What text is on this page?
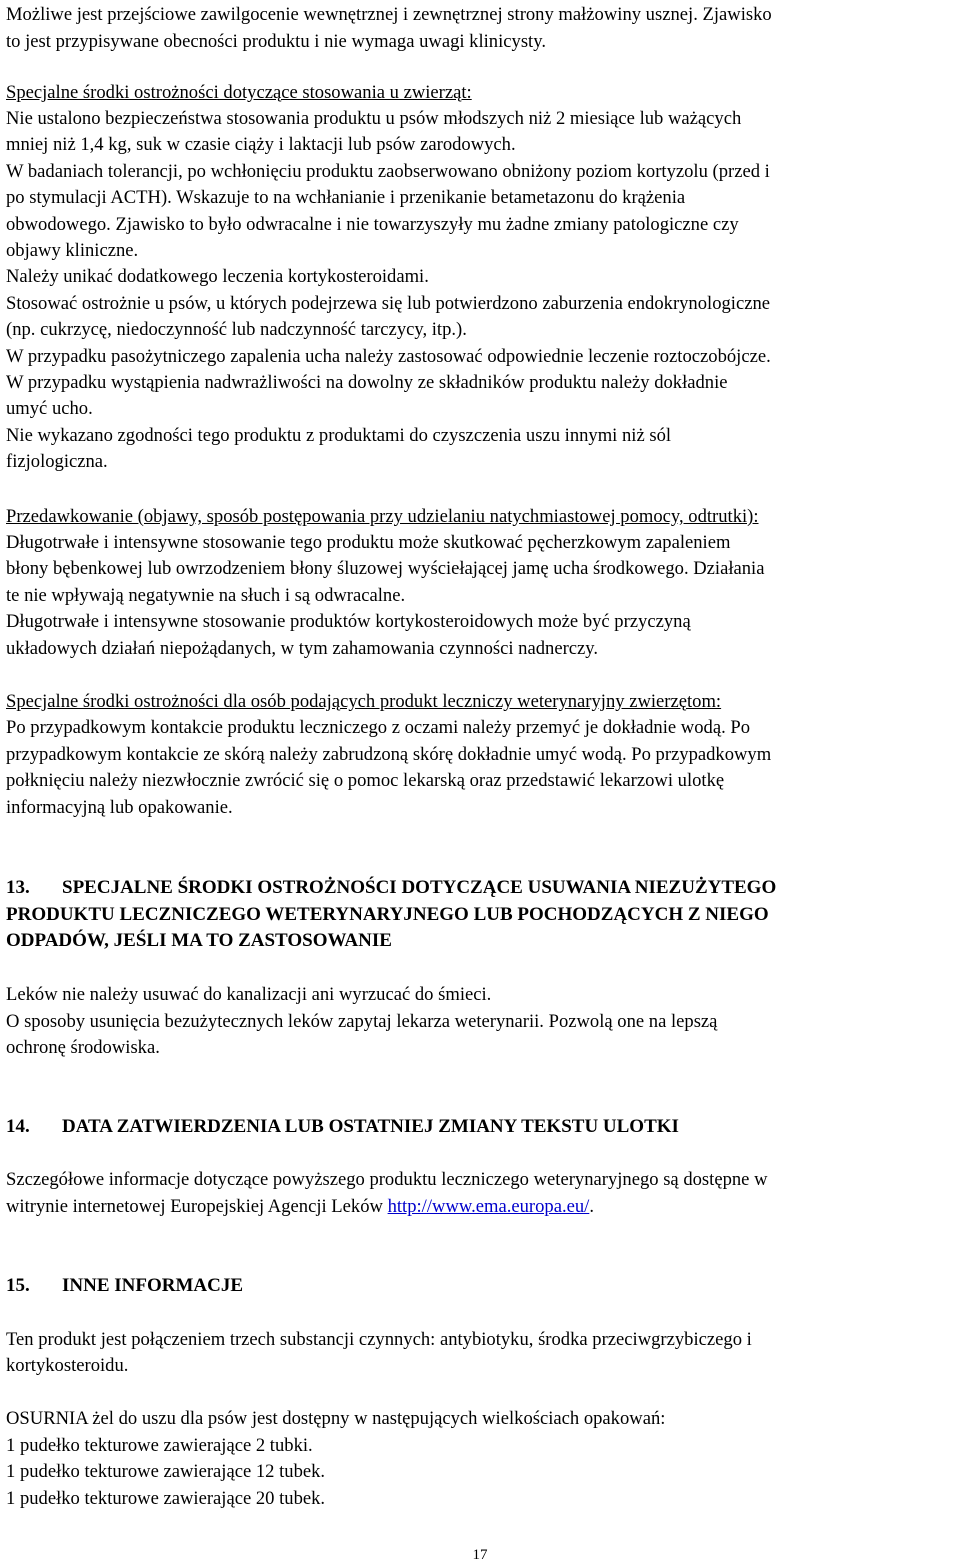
Możliwe jest przejściowe zawilgocenie wewnętrznej i zewnętrznej strony małżowiny usznej. Zjawisko
to jest przypisywane obecności produktu i nie wymaga uwagi klinicysty.
Specjalne środki ostrożności dotyczące stosowania u zwierząt:
Nie ustalono bezpieczeństwa stosowania produktu u psów młodszych niż 2 miesiące lub ważących
mniej niż 1,4 kg, suk w czasie ciąży i laktacji lub psów zarodowych.
W badaniach tolerancji, po wchłonięciu produktu zaobserwowano obniżony poziom kortyzolu (przed i
po stymulacji ACTH). Wskazuje to na wchłanianie i przenikanie betametazonu do krążenia
obwodowego. Zjawisko to było odwracalne i nie towarzyszyły mu żadne zmiany patologiczne czy
objawy kliniczne.
Należy unikać dodatkowego leczenia kortykosteroidami.
Stosować ostrożnie u psów, u których podejrzewa się lub potwierdzono zaburzenia endokrynologiczne
(np. cukrzycę, niedoczynność lub nadczynność tarczycy, itp.).
W przypadku pasożytniczego zapalenia ucha należy zastosować odpowiednie leczenie roztoczobójcze.
W przypadku wystąpienia nadwrażliwości na dowolny ze składników produktu należy dokładnie
umyć ucho.
Nie wykazano zgodności tego produktu z produktami do czyszczenia uszu innymi niż sól
fizjologiczna.
Przedawkowanie (objawy, sposób postępowania przy udzielaniu natychmiastowej pomocy, odtrutki):
Długotrwałe i intensywne stosowanie tego produktu może skutkować pęcherzkowym zapaleniem
błony bębenkowej lub owrzodzeniem błony śluzowej wyściełającej jamę ucha środkowego. Działania
te nie wpływają negatywnie na słuch i są odwracalne.
Długotrwałe i intensywne stosowanie produktów kortykosteroidowych może być przyczyną
układowych działań niepożądanych, w tym zahamowania czynności nadnerczy.
Specjalne środki ostrożności dla osób podających produkt leczniczy weterynaryjny zwierzętom:
Po przypadkowym kontakcie produktu leczniczego z oczami należy przemyć je dokładnie wodą. Po
przypadkowym kontakcie ze skórą należy zabrudzoną skórę dokładnie umyć wodą. Po przypadkowym
połknięciu należy niezwłocznie zwrócić się o pomoc lekarską oraz przedstawić lekarzowi ulotkę
informacyjną lub opakowanie.
13. SPECJALNE ŚRODKI OSTROŻNOŚCI DOTYCZĄCE USUWANIA NIEZUŻYTEGO
PRODUKTU LECZNICZEGO WETERYNARYJNEGO LUB POCHODZĄCYCH Z NIEGO
ODPADÓW, JEŚLI MA TO ZASTOSOWANIE
Leków nie należy usuwać do kanalizacji ani wyrzucać do śmieci.
O sposoby usunięcia bezużytecznych leków zapytaj lekarza weterynarii. Pozwolą one na lepszą
ochronę środowiska.
14. DATA ZATWIERDZENIA LUB OSTATNIEJ ZMIANY TEKSTU ULOTKI
Szczegółowe informacje dotyczące powyższego produktu leczniczego weterynaryjnego są dostępne w
witrynie internetowej Europejskiej Agencji Leków http://www.ema.europa.eu/.
15. INNE INFORMACJE
Ten produkt jest połączeniem trzech substancji czynnych: antybiotyku, środka przeciwgrzybiczego i
kortykosteroidu.
OSURNIA żel do uszu dla psów jest dostępny w następujących wielkościach opakowań:
1 pudełko tekturowe zawierające 2 tubki.
1 pudełko tekturowe zawierające 12 tubek.
1 pudełko tekturowe zawierające 20 tubek.
17
